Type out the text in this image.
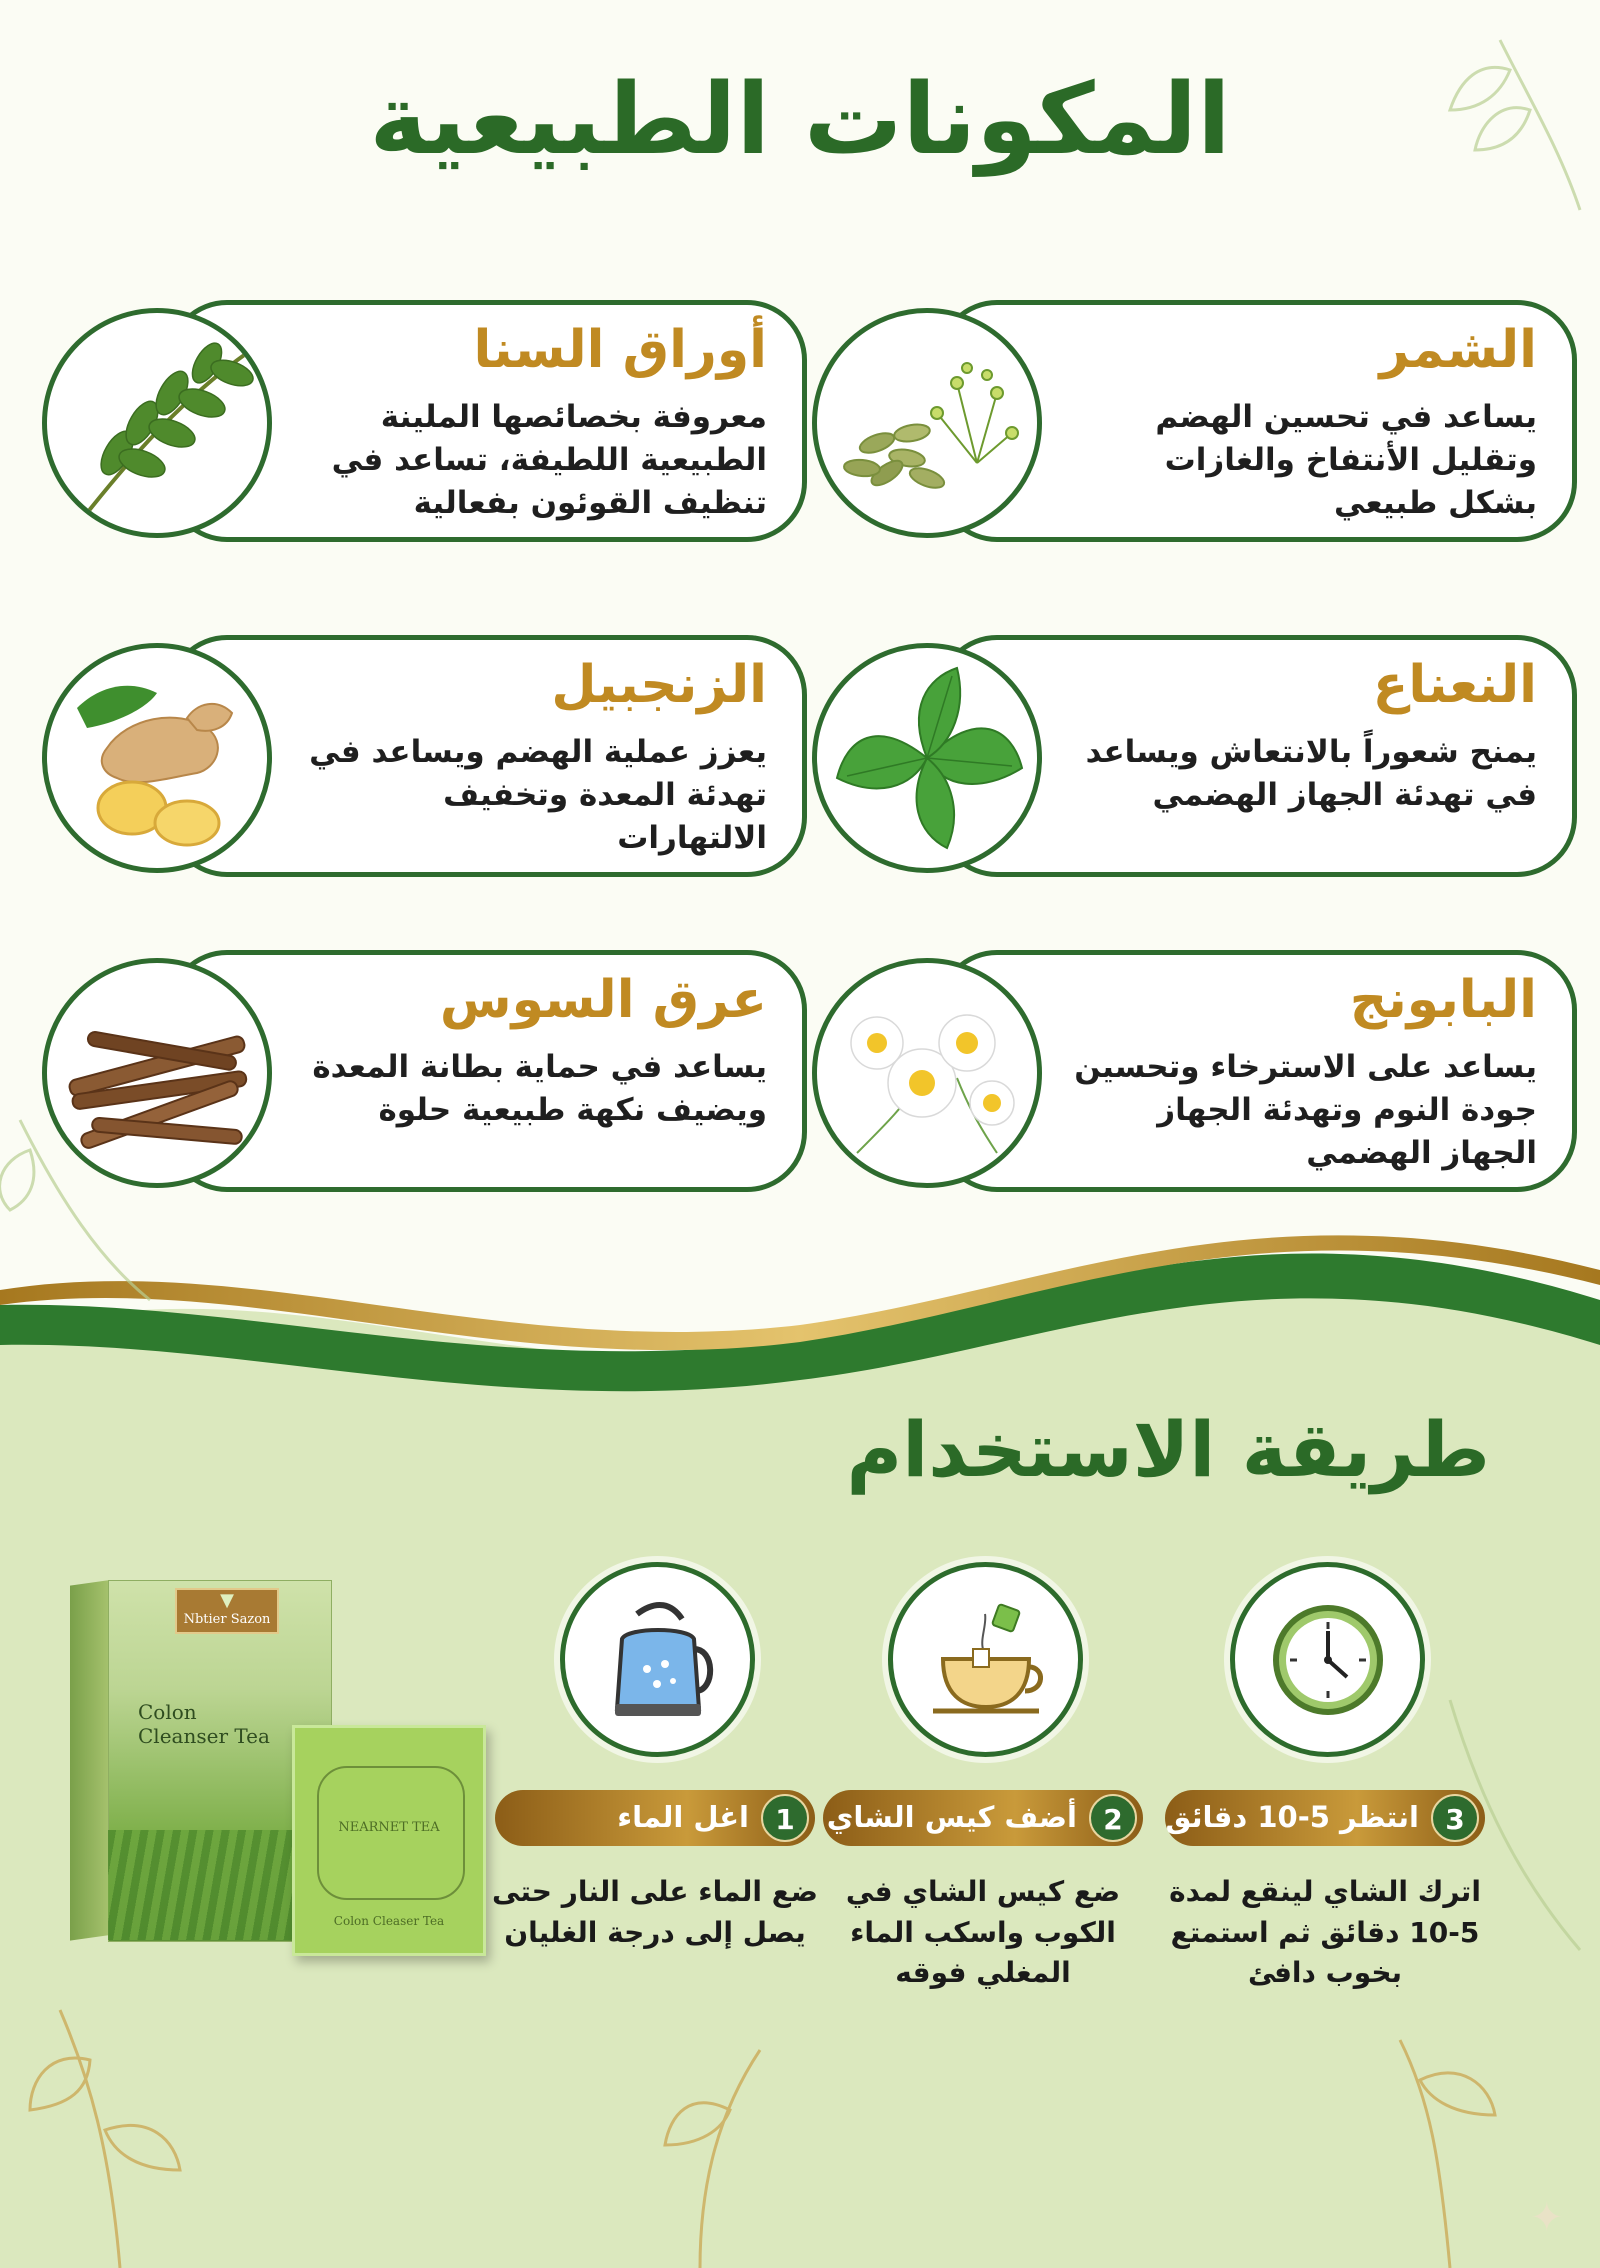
المكونات الطبيعية
الشمر
يساعد في تحسين الهضم وتقليل الأنتفاخ والغازات بشكل طبيعي
أوراق السنا
معروفة بخصائصها الملينة الطبيعية اللطيفة، تساعد في تنظيف القوئون بفعالية
النعناع
يمنح شعوراً بالانتعاش ويساعد في تهدئة الجهاز الهضمي
الزنجبيل
يعزز عملية الهضم ويساعد في تهدئة المعدة وتخفيف الالتهارات
البابونج
يساعد على الاسترخاء وتحسين جودة النوم وتهدئة الجهاز الجهاز الهضمي
عرق السوس
يساعد في حماية بطانة المعدة ويضيف نكهة طبيعية حلوة
طريقة الاستخدام
▼
Nbtier Sazon
Colon Cleanser Tea
NEARNET TEA
Colon Cleaser Tea
1
اغل الماء
ضع الماء على النار حتى يصل إلى درجة الغليان
2
أضف كيس الشاي
ضع كيس الشاي في الكوب واسكب الماء المغلي فوقه
3
انتظر 5-10 دقائق
اترك الشاي لينقع لمدة 5-10 دقائق ثم استمتع بخوب دافئ
✦
